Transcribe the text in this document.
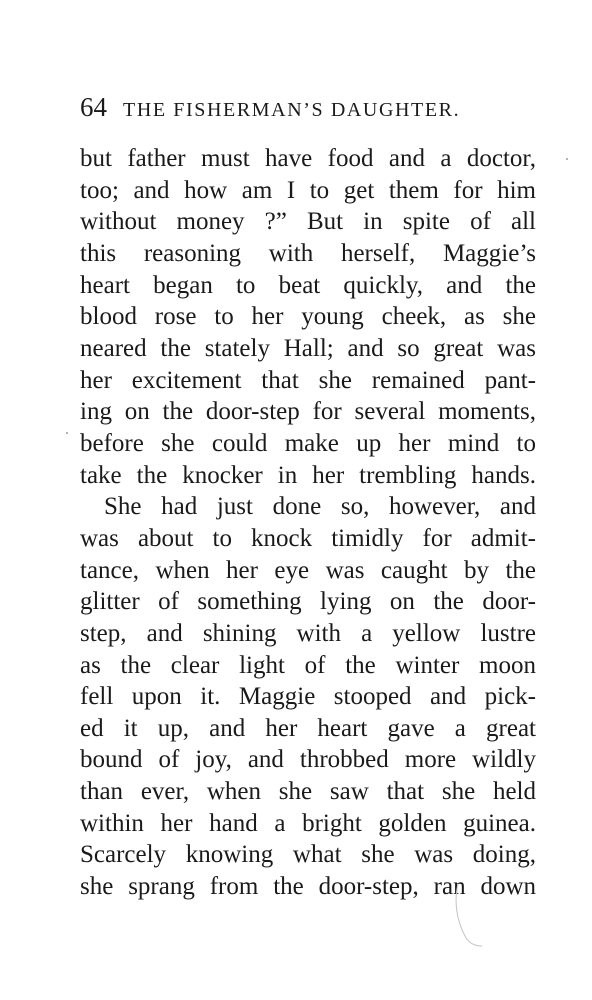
64 THE FISHERMAN’S DAUGHTER.
but father must have food and a doctor,
too; and how am I to get them for him
without money ?” But in spite of all
this reasoning with herself, Maggie’s
heart began to beat quickly, and the
blood rose to her young cheek, as she
neared the stately Hall; and so great was
her excitement that she remained pant-
ing on the door-step for several moments,
before she could make up her mind to
take the knocker in her trembling hands.
She had just done so, however, and
was about to knock timidly for admit-
tance, when her eye was caught by the
glitter of something lying on the door-
step, and shining with a yellow lustre
as the clear light of the winter moon
fell upon it. Maggie stooped and pick-
ed it up, and her heart gave a great
bound of joy, and throbbed more wildly
than ever, when she saw that she held
within her hand a bright golden guinea.
Scarcely knowing what she was doing,
she sprang from the door-step, ran down
